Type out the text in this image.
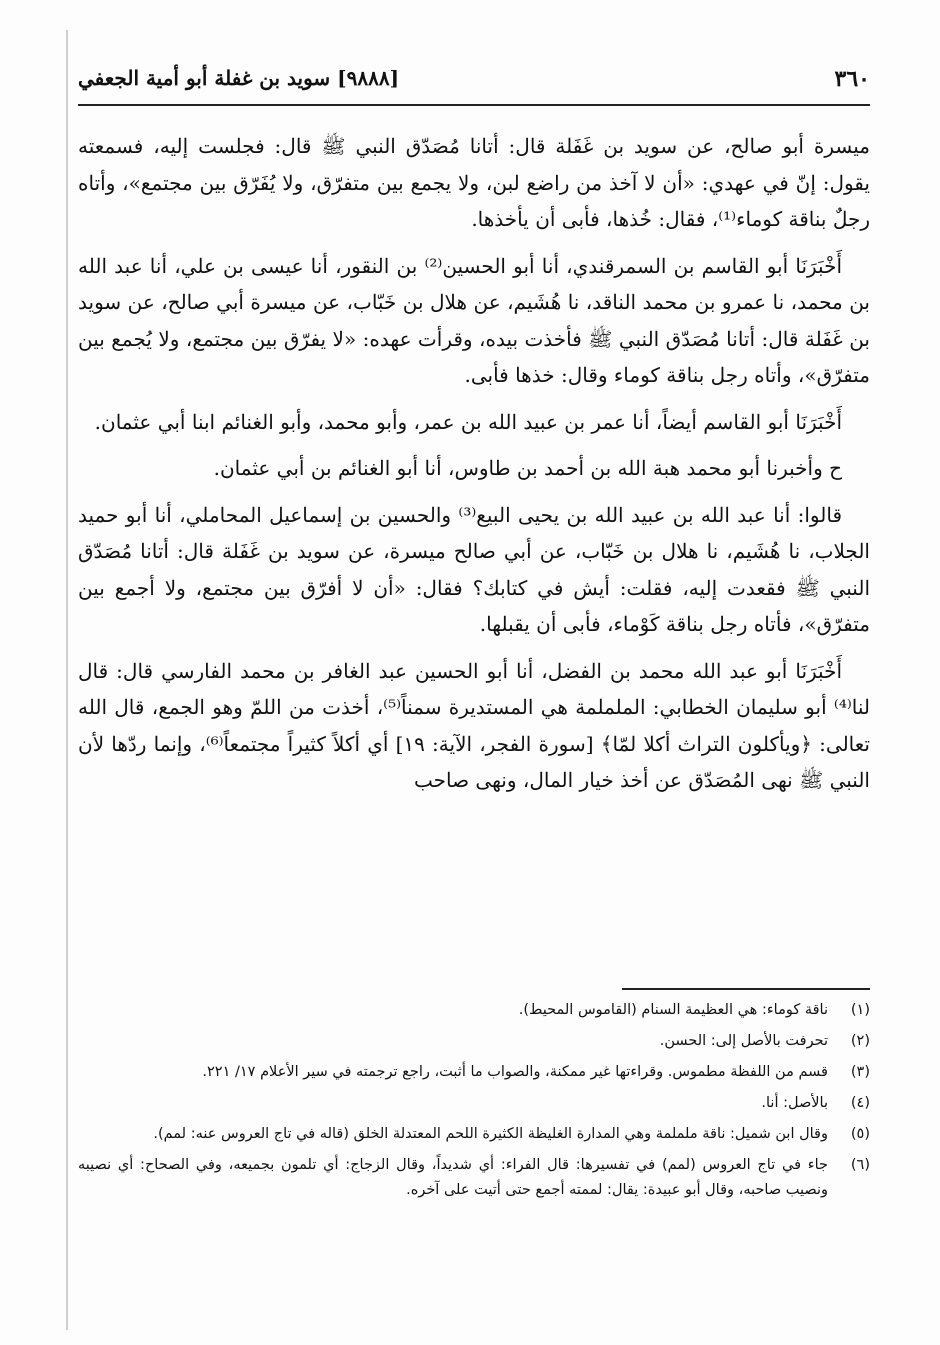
٣٦٠
[٩٨٨٨] سويد بن غفلة أبو أمية الجعفي

ميسرة أبو صالح، عن سويد بن غَفَلة قال: أتانا مُصَدّق النبي ﷺ قال: فجلست إليه، فسمعته يقول: إنّ في عهدي: «أن لا آخذ من راضع لبن، ولا يجمع بين متفرّق، ولا يُفَرّق بين مجتمع»، وأتاه رجلٌ بناقة كوماء⁽¹⁾، فقال: خُذها، فأبى أن يأخذها.

أَخْبَرَنَا أبو القاسم بن السمرقندي، أنا أبو الحسين⁽²⁾ بن النقور، أنا عيسى بن علي، أنا عبد الله بن محمد، نا عمرو بن محمد الناقد، نا هُشَيم، عن هلال بن خَبّاب، عن ميسرة أبي صالح، عن سويد بن غَفَلة قال: أتانا مُصَدّق النبي ﷺ فأخذت بيده، وقرأت عهده: «لا يفرّق بين مجتمع، ولا يُجمع بين متفرّق»، وأتاه رجل بناقة كوماء وقال: خذها فأبى.

أَخْبَرَنَا أبو القاسم أيضاً، أنا عمر بن عبيد الله بن عمر، وأبو محمد، وأبو الغنائم ابنا أبي عثمان.

ح وأخبرنا أبو محمد هبة الله بن أحمد بن طاوس، أنا أبو الغنائم بن أبي عثمان.

قالوا: أنا عبد الله بن عبيد الله بن يحيى البيع⁽³⁾ والحسين بن إسماعيل المحاملي، أنا أبو حميد الجلاب، نا هُشَيم، نا هلال بن خَبّاب، عن أبي صالح ميسرة، عن سويد بن غَفَلة قال: أتانا مُصَدّق النبي ﷺ فقعدت إليه، فقلت: أيش في كتابك؟ فقال: «أن لا أفرّق بين مجتمع، ولا أجمع بين متفرّق»، فأتاه رجل بناقة كَوْماء، فأبى أن يقبلها.

أَخْبَرَنَا أبو عبد الله محمد بن الفضل، أنا أبو الحسين عبد الغافر بن محمد الفارسي قال: قال لنا⁽⁴⁾ أبو سليمان الخطابي: الململمة هي المستديرة سمناً⁽⁵⁾، أخذت من اللمّ وهو الجمع، قال الله تعالى: ﴿ويأكلون التراث أكلا لمّا﴾ [سورة الفجر، الآية: ١٩] أي أكلاً كثيراً مجتمعاً⁽⁶⁾، وإنما ردّها لأن النبي ﷺ نهى المُصَدّق عن أخذ خيار المال، ونهى صاحب

(١)
ناقة كوماء: هي العظيمة السنام (القاموس المحيط).
(٢)
تحرفت بالأصل إلى: الحسن.
(٣)
قسم من اللفظة مطموس. وقراءتها غير ممكنة، والصواب ما أثبت، راجع ترجمته في سير الأعلام ١٧/ ٢٢١.
(٤)
بالأصل: أنا.
(٥)
وقال ابن شميل: ناقة ململمة وهي المدارة الغليظة الكثيرة اللحم المعتدلة الخلق (قاله في تاج العروس عنه: لمم).
(٦)
جاء في تاج العروس (لمم) في تفسيرها: قال الفراء: أي شديداً، وقال الزجاج: أي تلمون بجميعه، وفي الصحاح: أي نصيبه ونصيب صاحبه، وقال أبو عبيدة: يقال: لممته أجمع حتى أتيت على آخره.
